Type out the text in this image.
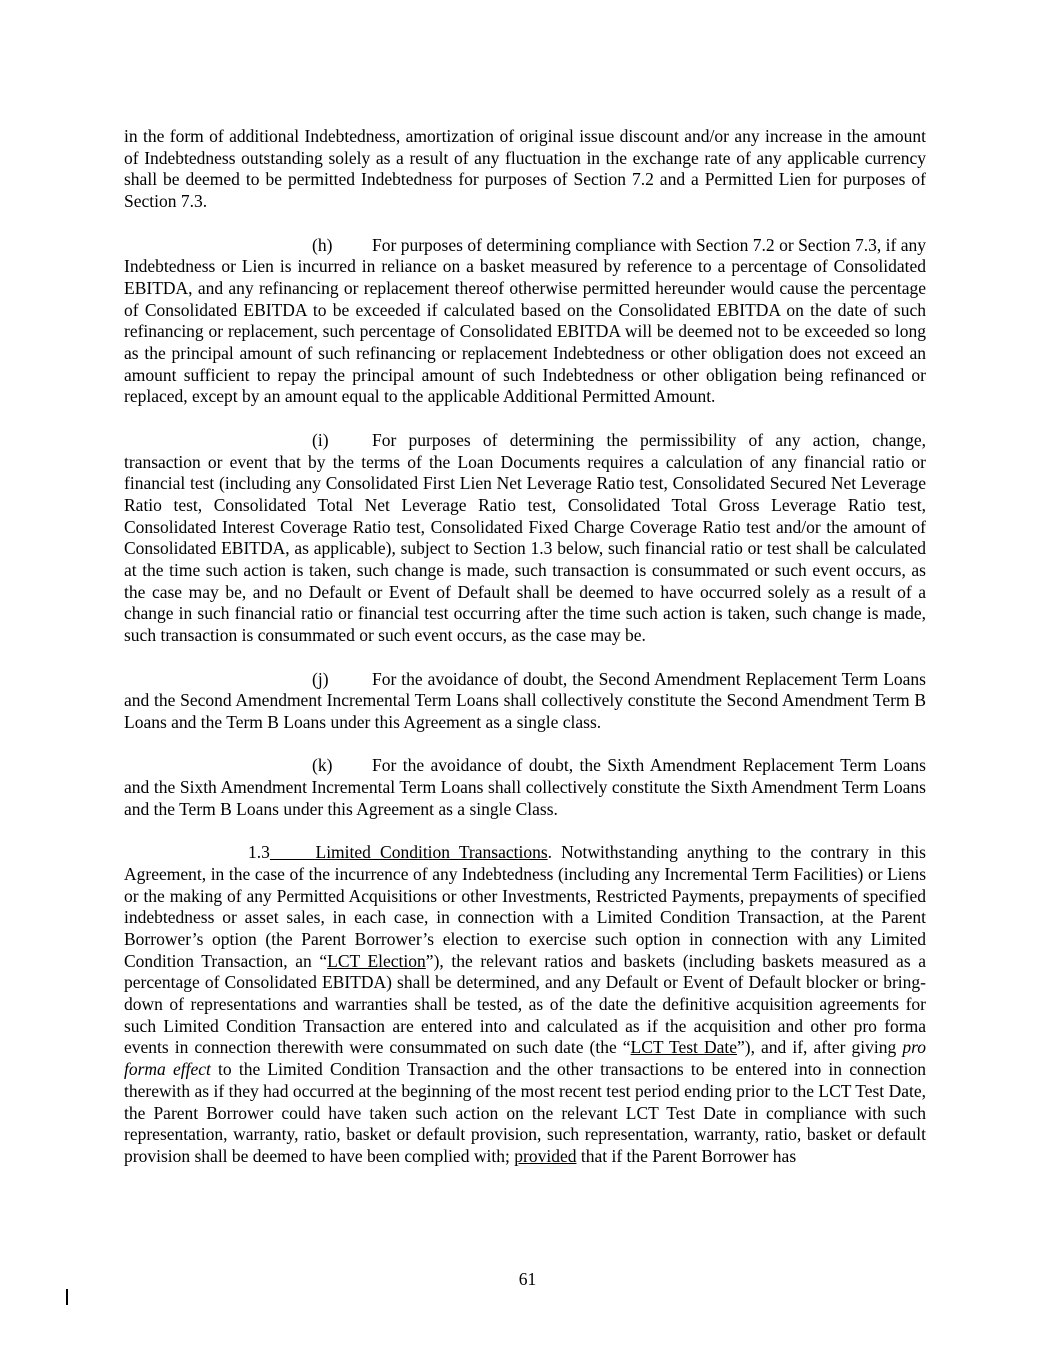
in the form of additional Indebtedness, amortization of original issue discount and/or any increase in the amount of Indebtedness outstanding solely as a result of any fluctuation in the exchange rate of any applicable currency shall be deemed to be permitted Indebtedness for purposes of Section 7.2 and a Permitted Lien for purposes of Section 7.3.

(h) For purposes of determining compliance with Section 7.2 or Section 7.3, if any Indebtedness or Lien is incurred in reliance on a basket measured by reference to a percentage of Consolidated EBITDA, and any refinancing or replacement thereof otherwise permitted hereunder would cause the percentage of Consolidated EBITDA to be exceeded if calculated based on the Consolidated EBITDA on the date of such refinancing or replacement, such percentage of Consolidated EBITDA will be deemed not to be exceeded so long as the principal amount of such refinancing or replacement Indebtedness or other obligation does not exceed an amount sufficient to repay the principal amount of such Indebtedness or other obligation being refinanced or replaced, except by an amount equal to the applicable Additional Permitted Amount.

(i) For purposes of determining the permissibility of any action, change, transaction or event that by the terms of the Loan Documents requires a calculation of any financial ratio or financial test (including any Consolidated First Lien Net Leverage Ratio test, Consolidated Secured Net Leverage Ratio test, Consolidated Total Net Leverage Ratio test, Consolidated Total Gross Leverage Ratio test, Consolidated Interest Coverage Ratio test, Consolidated Fixed Charge Coverage Ratio test and/or the amount of Consolidated EBITDA, as applicable), subject to Section 1.3 below, such financial ratio or test shall be calculated at the time such action is taken, such change is made, such transaction is consummated or such event occurs, as the case may be, and no Default or Event of Default shall be deemed to have occurred solely as a result of a change in such financial ratio or financial test occurring after the time such action is taken, such change is made, such transaction is consummated or such event occurs, as the case may be.

(j) For the avoidance of doubt, the Second Amendment Replacement Term Loans and the Second Amendment Incremental Term Loans shall collectively constitute the Second Amendment Term B Loans and the Term B Loans under this Agreement as a single class.

(k) For the avoidance of doubt, the Sixth Amendment Replacement Term Loans and the Sixth Amendment Incremental Term Loans shall collectively constitute the Sixth Amendment Term Loans and the Term B Loans under this Agreement as a single Class.

1.3	Limited Condition Transactions. Notwithstanding anything to the contrary in this Agreement, in the case of the incurrence of any Indebtedness (including any Incremental Term Facilities) or Liens or the making of any Permitted Acquisitions or other Investments, Restricted Payments, prepayments of specified indebtedness or asset sales, in each case, in connection with a Limited Condition Transaction, at the Parent Borrower’s option (the Parent Borrower’s election to exercise such option in connection with any Limited Condition Transaction, an “LCT Election”), the relevant ratios and baskets (including baskets measured as a percentage of Consolidated EBITDA) shall be determined, and any Default or Event of Default blocker or bring-down of representations and warranties shall be tested, as of the date the definitive acquisition agreements for such Limited Condition Transaction are entered into and calculated as if the acquisition and other pro forma events in connection therewith were consummated on such date (the “LCT Test Date”), and if, after giving pro forma effect to the Limited Condition Transaction and the other transactions to be entered into in connection therewith as if they had occurred at the beginning of the most recent test period ending prior to the LCT Test Date, the Parent Borrower could have taken such action on the relevant LCT Test Date in compliance with such representation, warranty, ratio, basket or default provision, such representation, warranty, ratio, basket or default provision shall be deemed to have been complied with; provided that if the Parent Borrower has

61
